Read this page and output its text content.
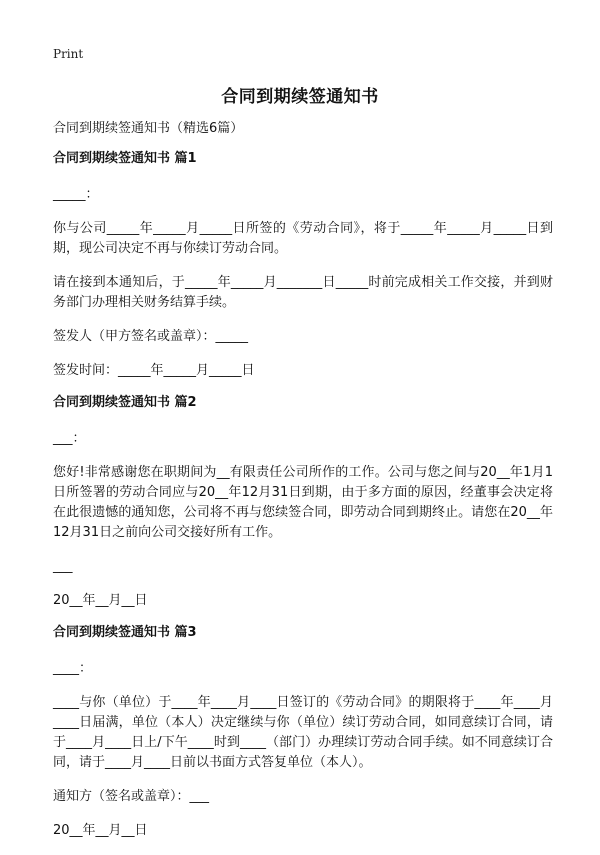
Print
合同到期续签通知书
合同到期续签通知书（精选6篇）
合同到期续签通知书 篇1
_____：
你与公司_____年_____月_____日所签的《劳动合同》，将于_____年_____月_____日到期，现公司决定不再与你续订劳动合同。
请在接到本通知后，于_____年_____月_______日_____时前完成相关工作交接，并到财务部门办理相关财务结算手续。
签发人（甲方签名或盖章）：_____
签发时间：_____年_____月_____日
合同到期续签通知书 篇2
___：
您好!非常感谢您在职期间为__有限责任公司所作的工作。公司与您之间与20__年1月1日所签署的劳动合同应与20__年12月31日到期，由于多方面的原因，经董事会决定将在此很遗憾的通知您，公司将不再与您续签合同，即劳动合同到期终止。请您在20__年12月31日之前向公司交接好所有工作。
___
20__年__月__日
合同到期续签通知书 篇3
____：
____与你（单位）于____年____月____日签订的《劳动合同》的期限将于____年____月____日届满，单位（本人）决定继续与你（单位）续订劳动合同，如同意续订合同，请于____月____日上/下午____时到____（部门）办理续订劳动合同手续。如不同意续订合同，请于____月____日前以书面方式答复单位（本人）。
通知方（签名或盖章）：___
20__年__月__日
